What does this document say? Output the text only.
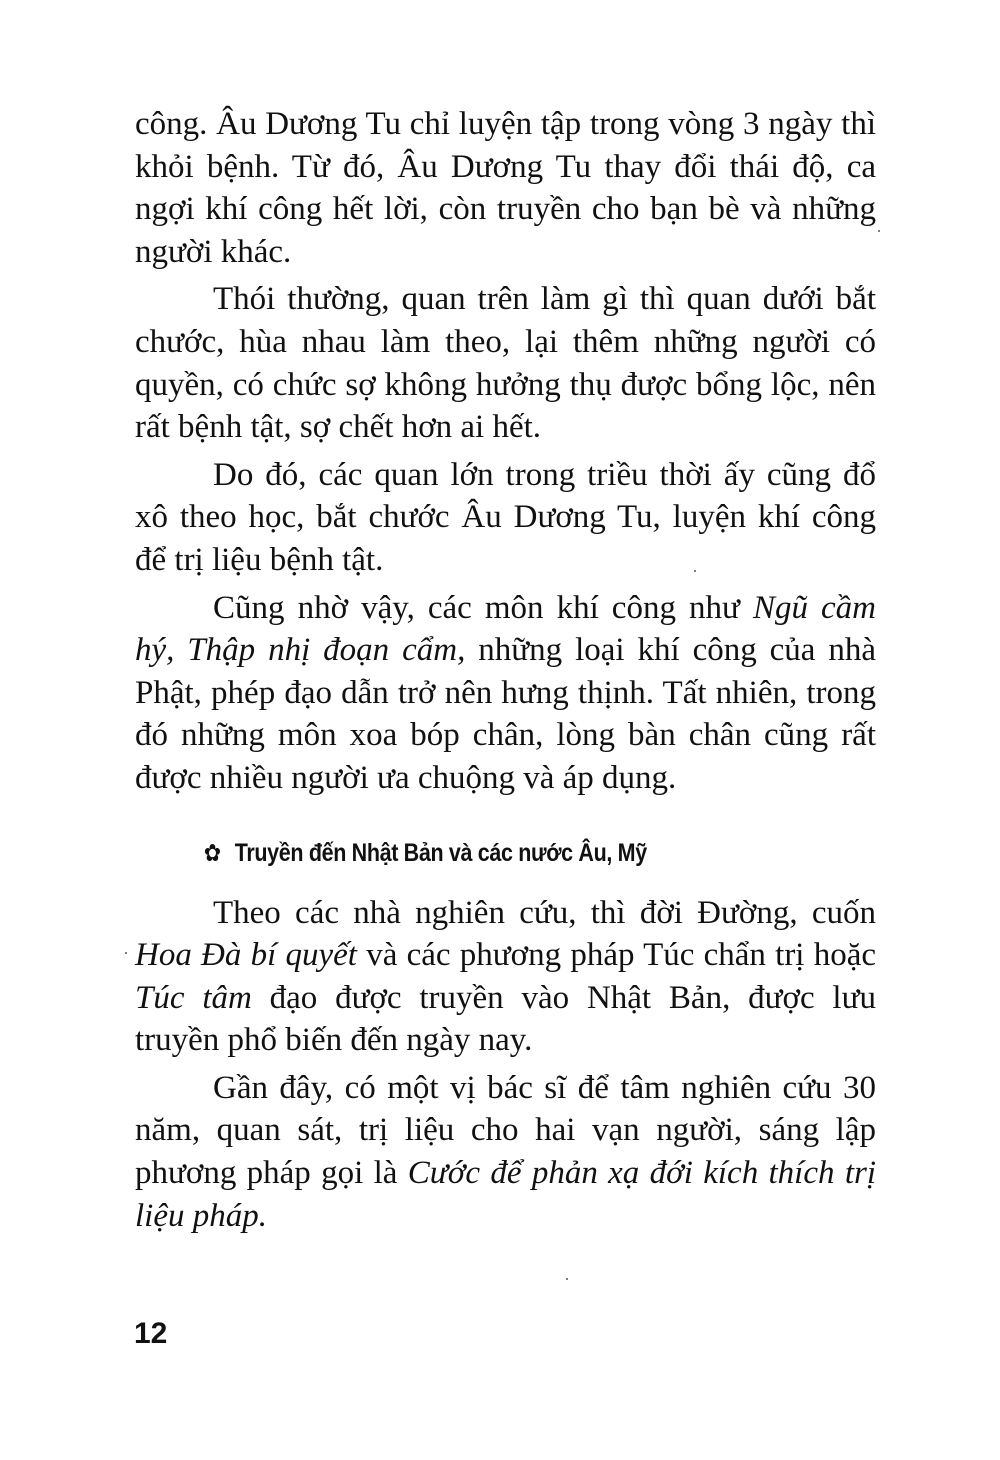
công. Âu Dương Tu chỉ luyện tập trong vòng 3 ngày thì khỏi bệnh. Từ đó, Âu Dương Tu thay đổi thái độ, ca ngợi khí công hết lời, còn truyền cho bạn bè và những người khác.

Thói thường, quan trên làm gì thì quan dưới bắt chước, hùa nhau làm theo, lại thêm những người có quyền, có chức sợ không hưởng thụ được bổng lộc, nên rất bệnh tật, sợ chết hơn ai hết.

Do đó, các quan lớn trong triều thời ấy cũng đổ xô theo học, bắt chước Âu Dương Tu, luyện khí công để trị liệu bệnh tật.

Cũng nhờ vậy, các môn khí công như Ngũ cầm hý, Thập nhị đoạn cẩm, những loại khí công của nhà Phật, phép đạo dẫn trở nên hưng thịnh. Tất nhiên, trong đó những môn xoa bóp chân, lòng bàn chân cũng rất được nhiều người ưa chuộng và áp dụng.

✿ Truyền đến Nhật Bản và các nước Âu, Mỹ

Theo các nhà nghiên cứu, thì đời Đường, cuốn Hoa Đà bí quyết và các phương pháp Túc chẩn trị hoặc Túc tâm đạo được truyền vào Nhật Bản, được lưu truyền phổ biến đến ngày nay.

Gần đây, có một vị bác sĩ để tâm nghiên cứu 30 năm, quan sát, trị liệu cho hai vạn người, sáng lập phương pháp gọi là Cước để phản xạ đới kích thích trị liệu pháp.

12
